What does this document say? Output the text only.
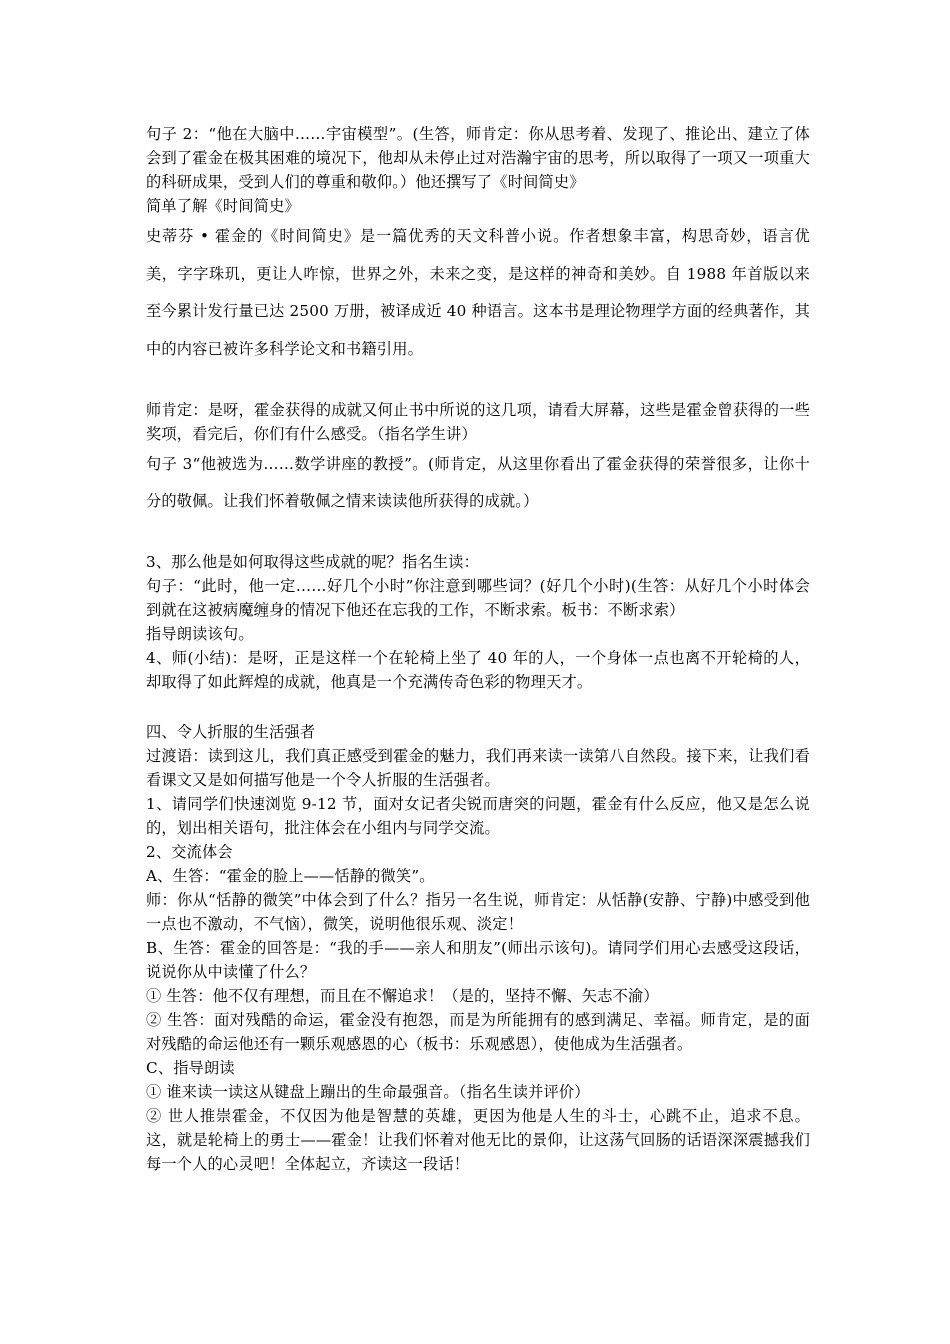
句子 2：“他在大脑中……宇宙模型”。(生答，师肯定：你从思考着、发现了、推论出、建立了体会到了霍金在极其困难的境况下，他却从未停止过对浩瀚宇宙的思考，所以取得了一项又一项重大的科研成果，受到人们的尊重和敬仰。）他还撰写了《时间简史》

简单了解《时间简史》

史蒂芬 • 霍金的《时间简史》是一篇优秀的天文科普小说。作者想象丰富，构思奇妙，语言优美，字字珠玑，更让人咋惊，世界之外，未来之变，是这样的神奇和美妙。自 1988 年首版以来至今累计发行量已达 2500 万册，被译成近 40 种语言。这本书是理论物理学方面的经典著作，其中的内容已被许多科学论文和书籍引用。

师肯定：是呀，霍金获得的成就又何止书中所说的这几项，请看大屏幕，这些是霍金曾获得的一些奖项，看完后，你们有什么感受。（指名学生讲）

句子 3“他被选为……数学讲座的教授”。(师肯定，从这里你看出了霍金获得的荣誉很多，让你十分的敬佩。让我们怀着敬佩之情来读读他所获得的成就。）

3、那么他是如何取得这些成就的呢？指名生读：

句子：“此时，他一定……好几个小时”你注意到哪些词？(好几个小时)(生答：从好几个小时体会到就在这被病魔缠身的情况下他还在忘我的工作，不断求索。板书：不断求索）

指导朗读该句。

4、师(小结)：是呀，正是这样一个在轮椅上坐了 40 年的人，一个身体一点也离不开轮椅的人，却取得了如此辉煌的成就，他真是一个充满传奇色彩的物理天才。

四、令人折服的生活强者

过渡语：读到这儿，我们真正感受到霍金的魅力，我们再来读一读第八自然段。接下来，让我们看看课文又是如何描写他是一个令人折服的生活强者。

1、请同学们快速浏览 9-12 节，面对女记者尖锐而唐突的问题，霍金有什么反应，他又是怎么说的，划出相关语句，批注体会在小组内与同学交流。

2、交流体会

A、生答：“霍金的脸上——恬静的微笑”。

师：你从“恬静的微笑”中体会到了什么？指另一名生说，师肯定：从恬静(安静、宁静)中感受到他一点也不激动，不气恼），微笑，说明他很乐观、淡定！

B、生答：霍金的回答是：“我的手——亲人和朋友”(师出示该句)。请同学们用心去感受这段话，说说你从中读懂了什么？

① 生答：他不仅有理想，而且在不懈追求！（是的，坚持不懈、矢志不渝）

② 生答：面对残酷的命运，霍金没有抱怨，而是为所能拥有的感到满足、幸福。师肯定，是的面对残酷的命运他还有一颗乐观感恩的心（板书：乐观感恩），使他成为生活强者。

C、指导朗读

① 谁来读一读这从键盘上蹦出的生命最强音。（指名生读并评价）

② 世人推崇霍金，不仅因为他是智慧的英雄，更因为他是人生的斗士，心跳不止，追求不息。这，就是轮椅上的勇士——霍金！让我们怀着对他无比的景仰，让这荡气回肠的话语深深震撼我们每一个人的心灵吧！全体起立，齐读这一段话！
